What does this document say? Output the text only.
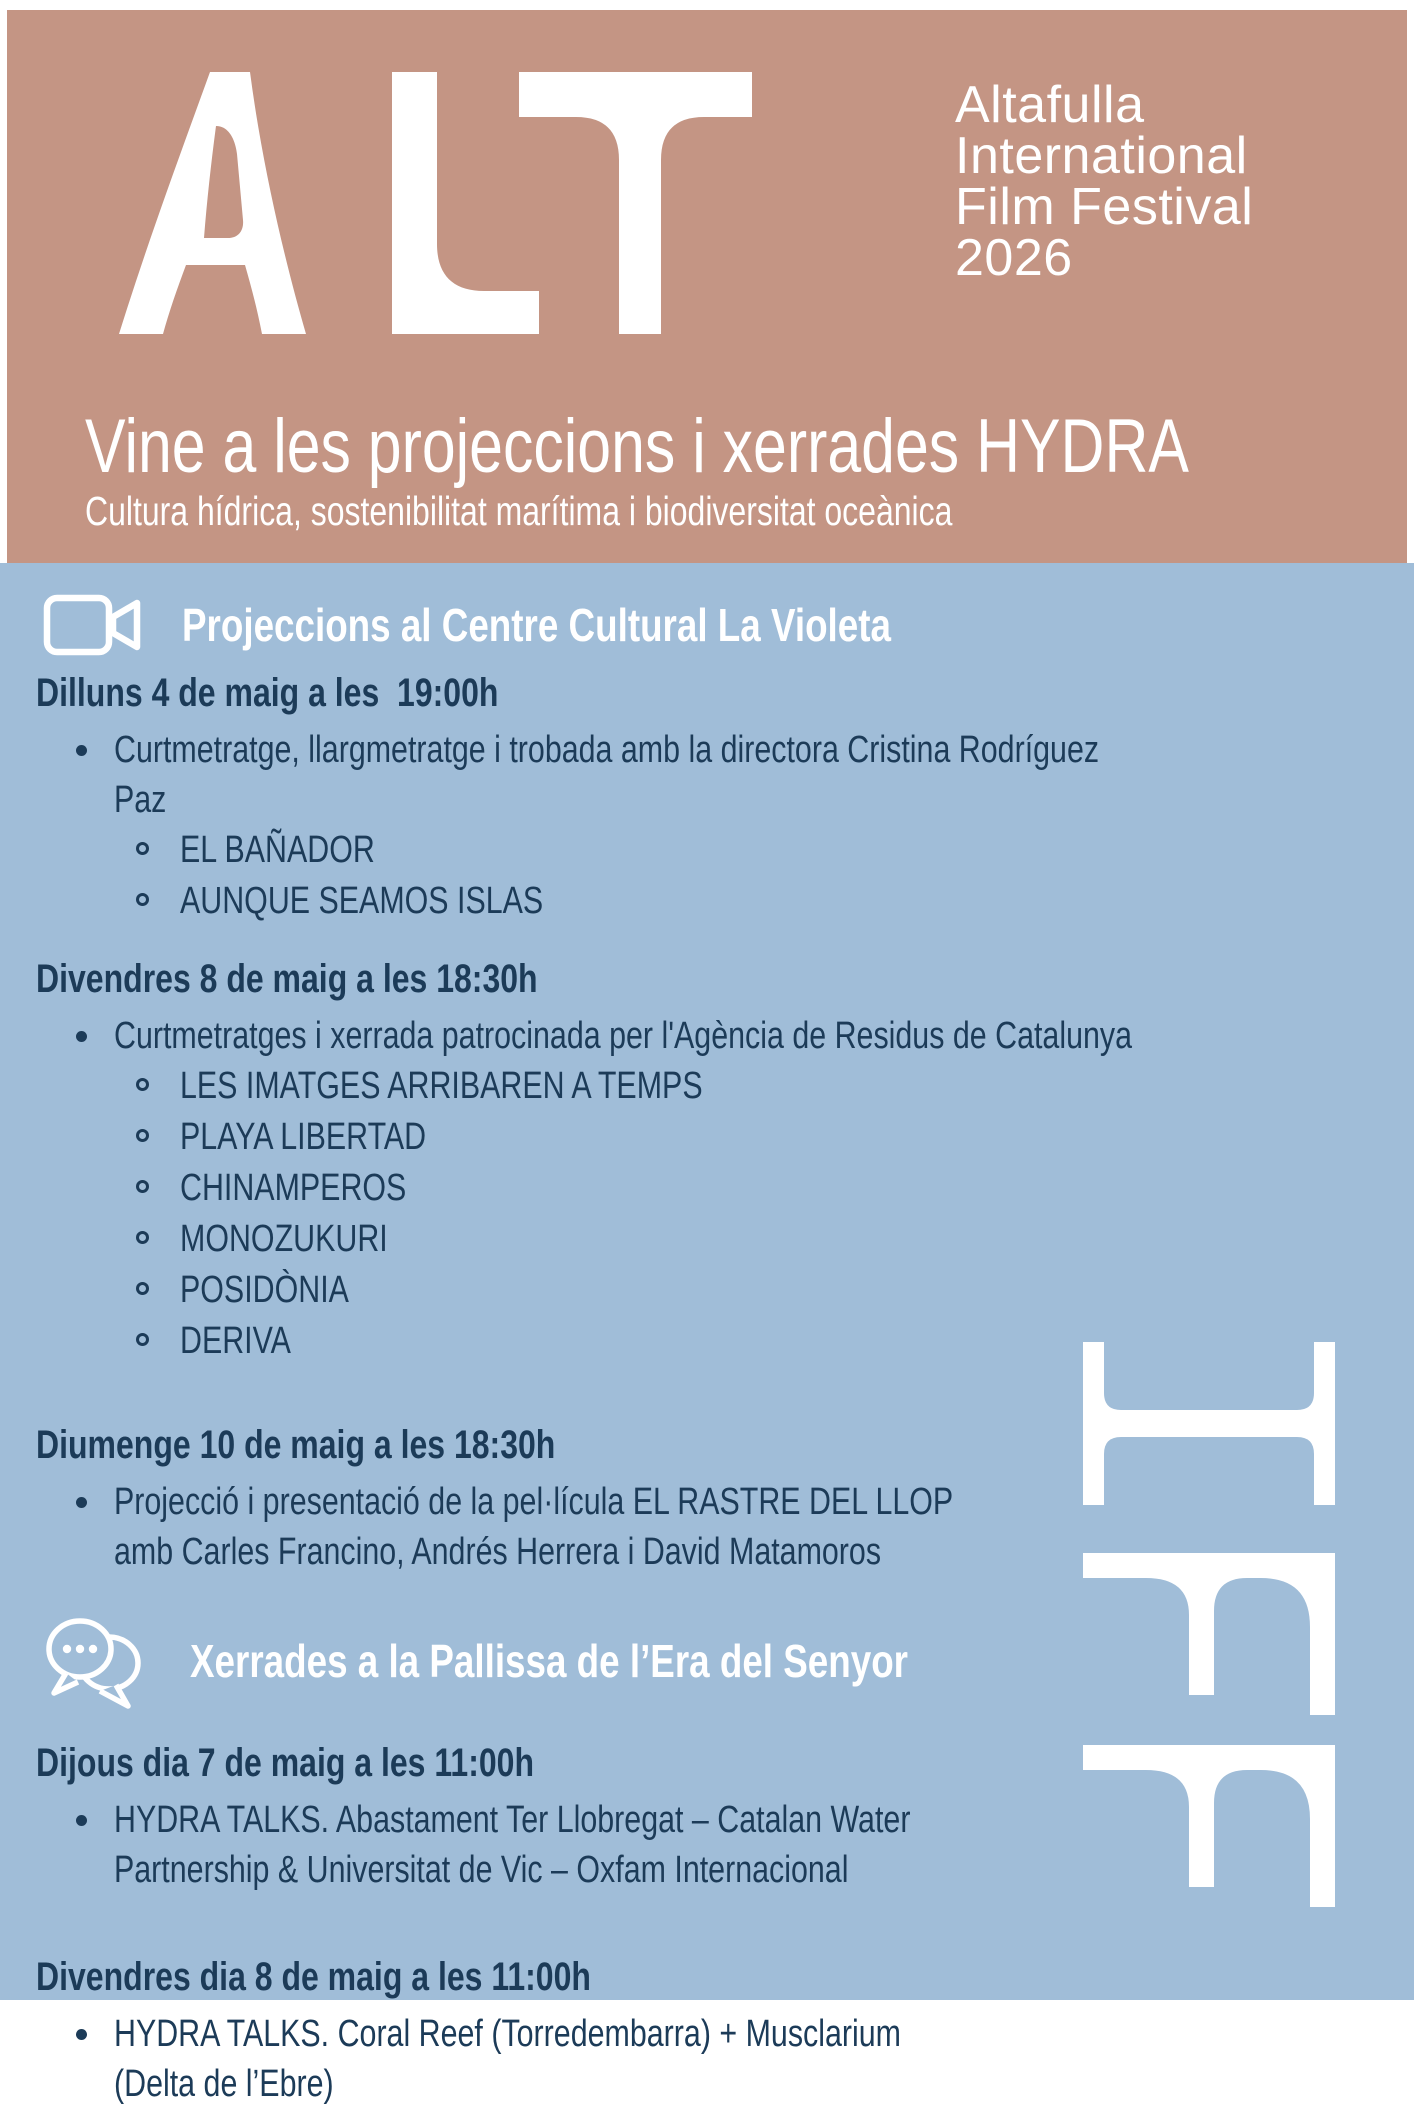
Altafulla
International
Film Festival
2026
Vine a les projeccions i xerrades HYDRA
Cultura hídrica, sostenibilitat marítima i biodiversitat oceànica
Projeccions al Centre Cultural La Violeta
Dilluns 4 de maig a les  19:00h
Curtmetratge, llargmetratge i trobada amb la directora Cristina Rodríguez Paz
EL BAÑADOR
AUNQUE SEAMOS ISLAS
Divendres 8 de maig a les 18:30h
Curtmetratges i xerrada patrocinada per l'Agència de Residus de Catalunya
LES IMATGES ARRIBAREN A TEMPS
PLAYA LIBERTAD
CHINAMPEROS
MONOZUKURI
POSIDÒNIA
DERIVA
Diumenge 10 de maig a les 18:30h
Projecció i presentació de la pel·lícula EL RASTRE DEL LLOP
amb Carles Francino, Andrés Herrera i David Matamoros
Xerrades a la Pallissa de l’Era del Senyor
Dijous dia 7 de maig a les 11:00h
HYDRA TALKS. Abastament Ter Llobregat – Catalan Water
Partnership & Universitat de Vic – Oxfam Internacional
Divendres dia 8 de maig a les 11:00h
HYDRA TALKS. Coral Reef (Torredembarra) + Musclarium
(Delta de l’Ebre)
